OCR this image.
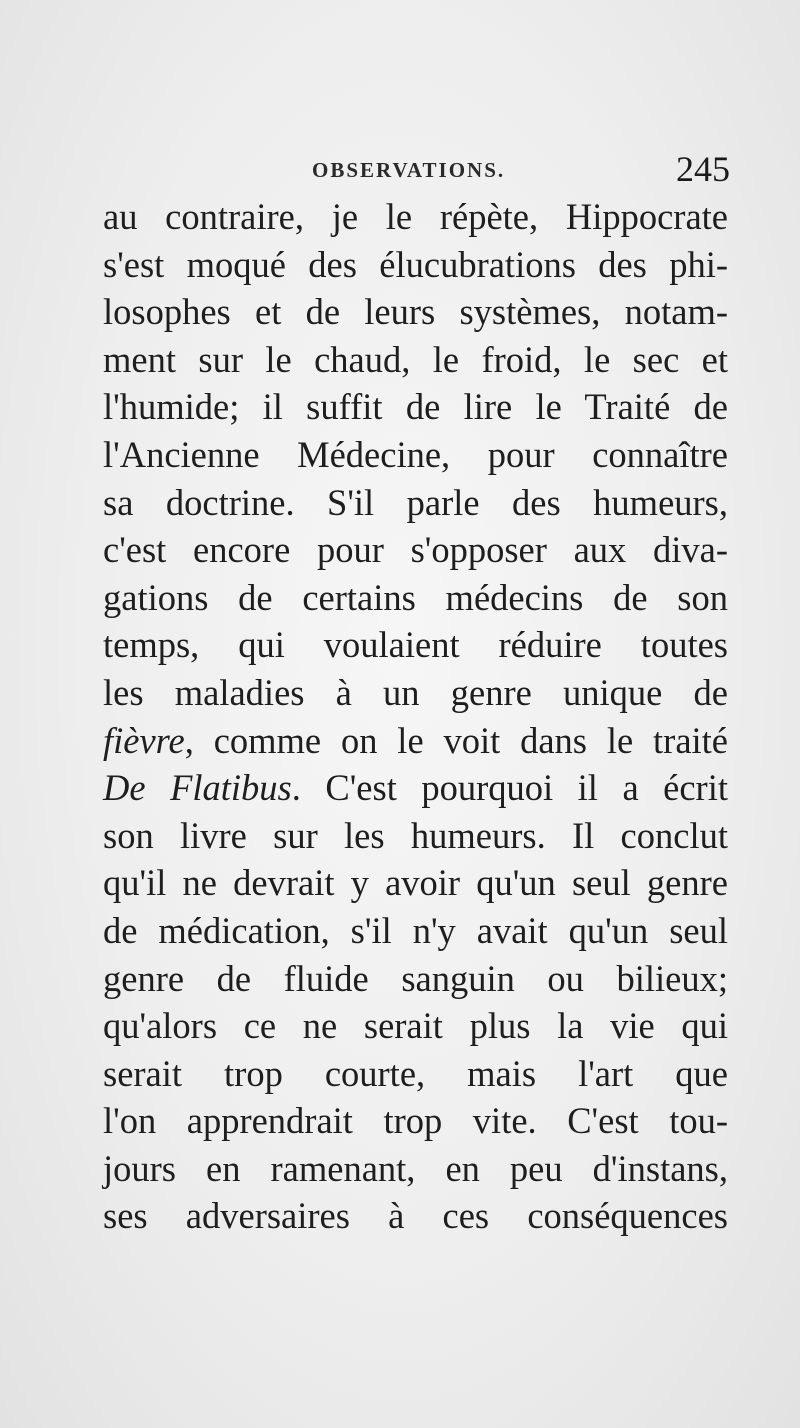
OBSERVATIONS.	245
au contraire, je le répète, Hippocrate
s'est moqué des élucubrations des phi-
losophes et de leurs systèmes, notam-
ment sur le chaud, le froid, le sec et
l'humide; il suffit de lire le Traité de
l'Ancienne Médecine, pour connaître
sa doctrine. S'il parle des humeurs,
c'est encore pour s'opposer aux diva-
gations de certains médecins de son
temps, qui voulaient réduire toutes
les maladies à un genre unique de
fièvre, comme on le voit dans le traité
De Flatibus. C'est pourquoi il a écrit
son livre sur les humeurs. Il conclut
qu'il ne devrait y avoir qu'un seul genre
de médication, s'il n'y avait qu'un seul
genre de fluide sanguin ou bilieux;
qu'alors ce ne serait plus la vie qui
serait trop courte, mais l'art que
l'on apprendrait trop vite. C'est tou-
jours en ramenant, en peu d'instans,
ses adversaires à ces conséquences
